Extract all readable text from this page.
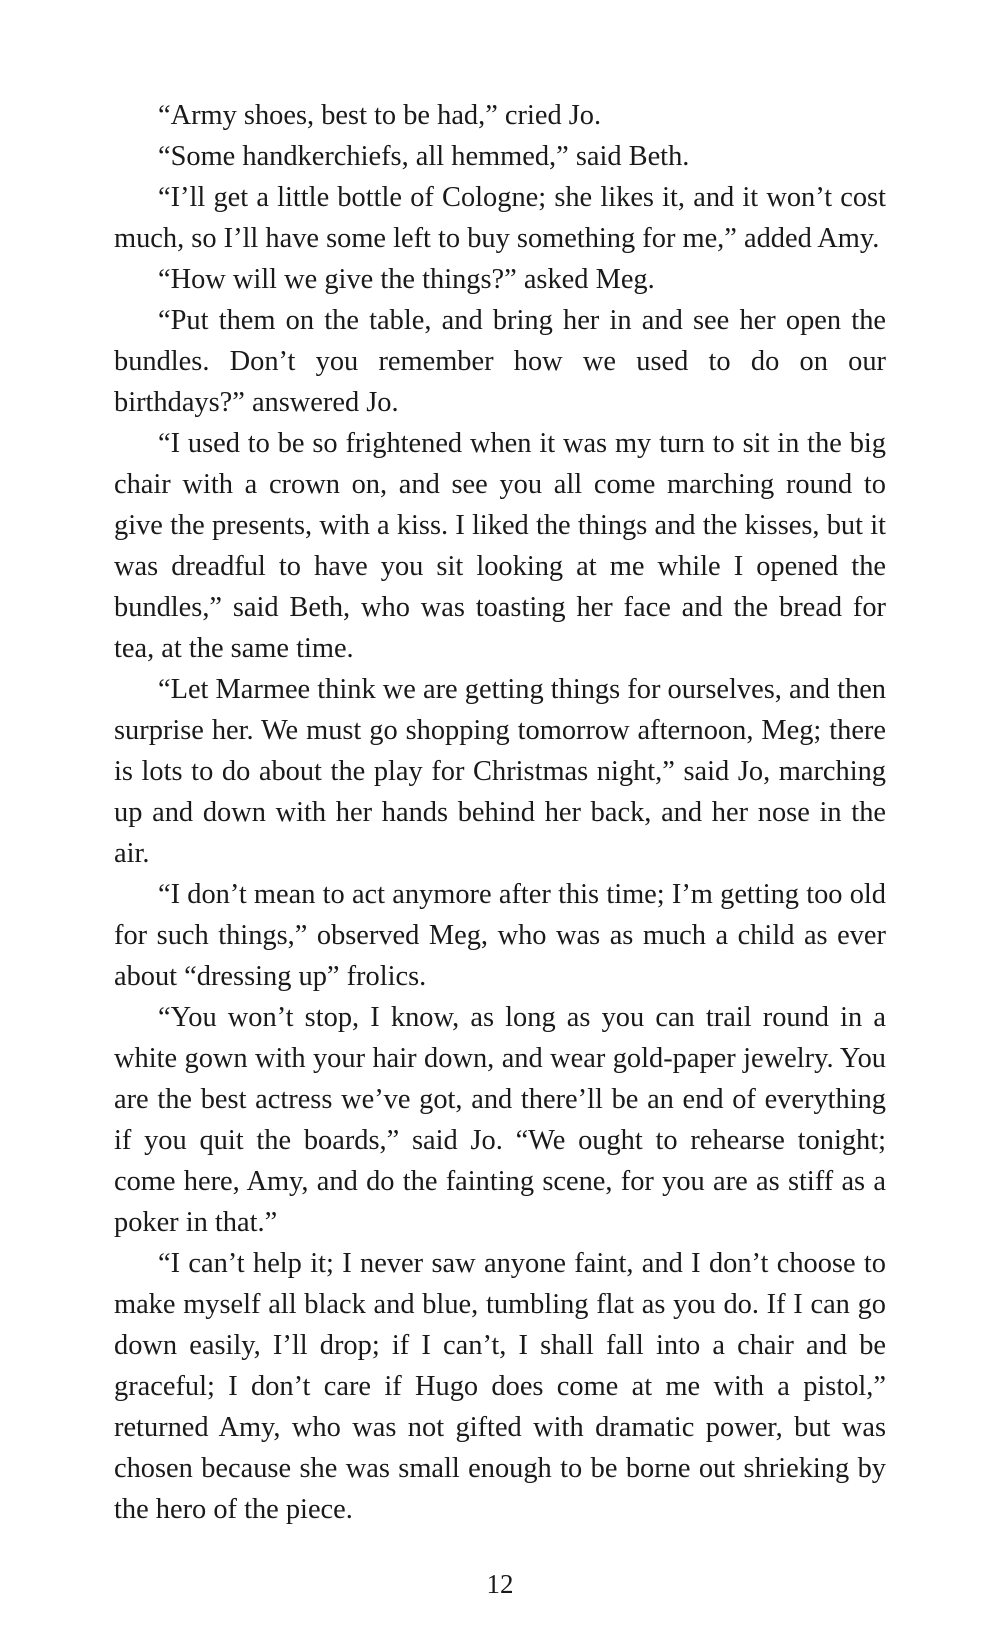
“Army shoes, best to be had,” cried Jo.

“Some handkerchiefs, all hemmed,” said Beth.

“I’ll get a little bottle of Cologne; she likes it, and it won’t cost much, so I’ll have some left to buy something for me,” added Amy.

“How will we give the things?” asked Meg.

“Put them on the table, and bring her in and see her open the bundles. Don’t you remember how we used to do on our birthdays?” answered Jo.

“I used to be so frightened when it was my turn to sit in the big chair with a crown on, and see you all come marching round to give the presents, with a kiss. I liked the things and the kisses, but it was dreadful to have you sit looking at me while I opened the bundles,” said Beth, who was toasting her face and the bread for tea, at the same time.

“Let Marmee think we are getting things for ourselves, and then surprise her. We must go shopping tomorrow afternoon, Meg; there is lots to do about the play for Christmas night,” said Jo, marching up and down with her hands behind her back, and her nose in the air.

“I don’t mean to act anymore after this time; I’m getting too old for such things,” observed Meg, who was as much a child as ever about “dressing up” frolics.

“You won’t stop, I know, as long as you can trail round in a white gown with your hair down, and wear gold-paper jewelry. You are the best actress we’ve got, and there’ll be an end of everything if you quit the boards,” said Jo. “We ought to rehearse tonight; come here, Amy, and do the fainting scene, for you are as stiff as a poker in that.”

“I can’t help it; I never saw anyone faint, and I don’t choose to make myself all black and blue, tumbling flat as you do. If I can go down easily, I’ll drop; if I can’t, I shall fall into a chair and be graceful; I don’t care if Hugo does come at me with a pistol,” returned Amy, who was not gifted with dramatic power, but was chosen because she was small enough to be borne out shrieking by the hero of the piece.

12
